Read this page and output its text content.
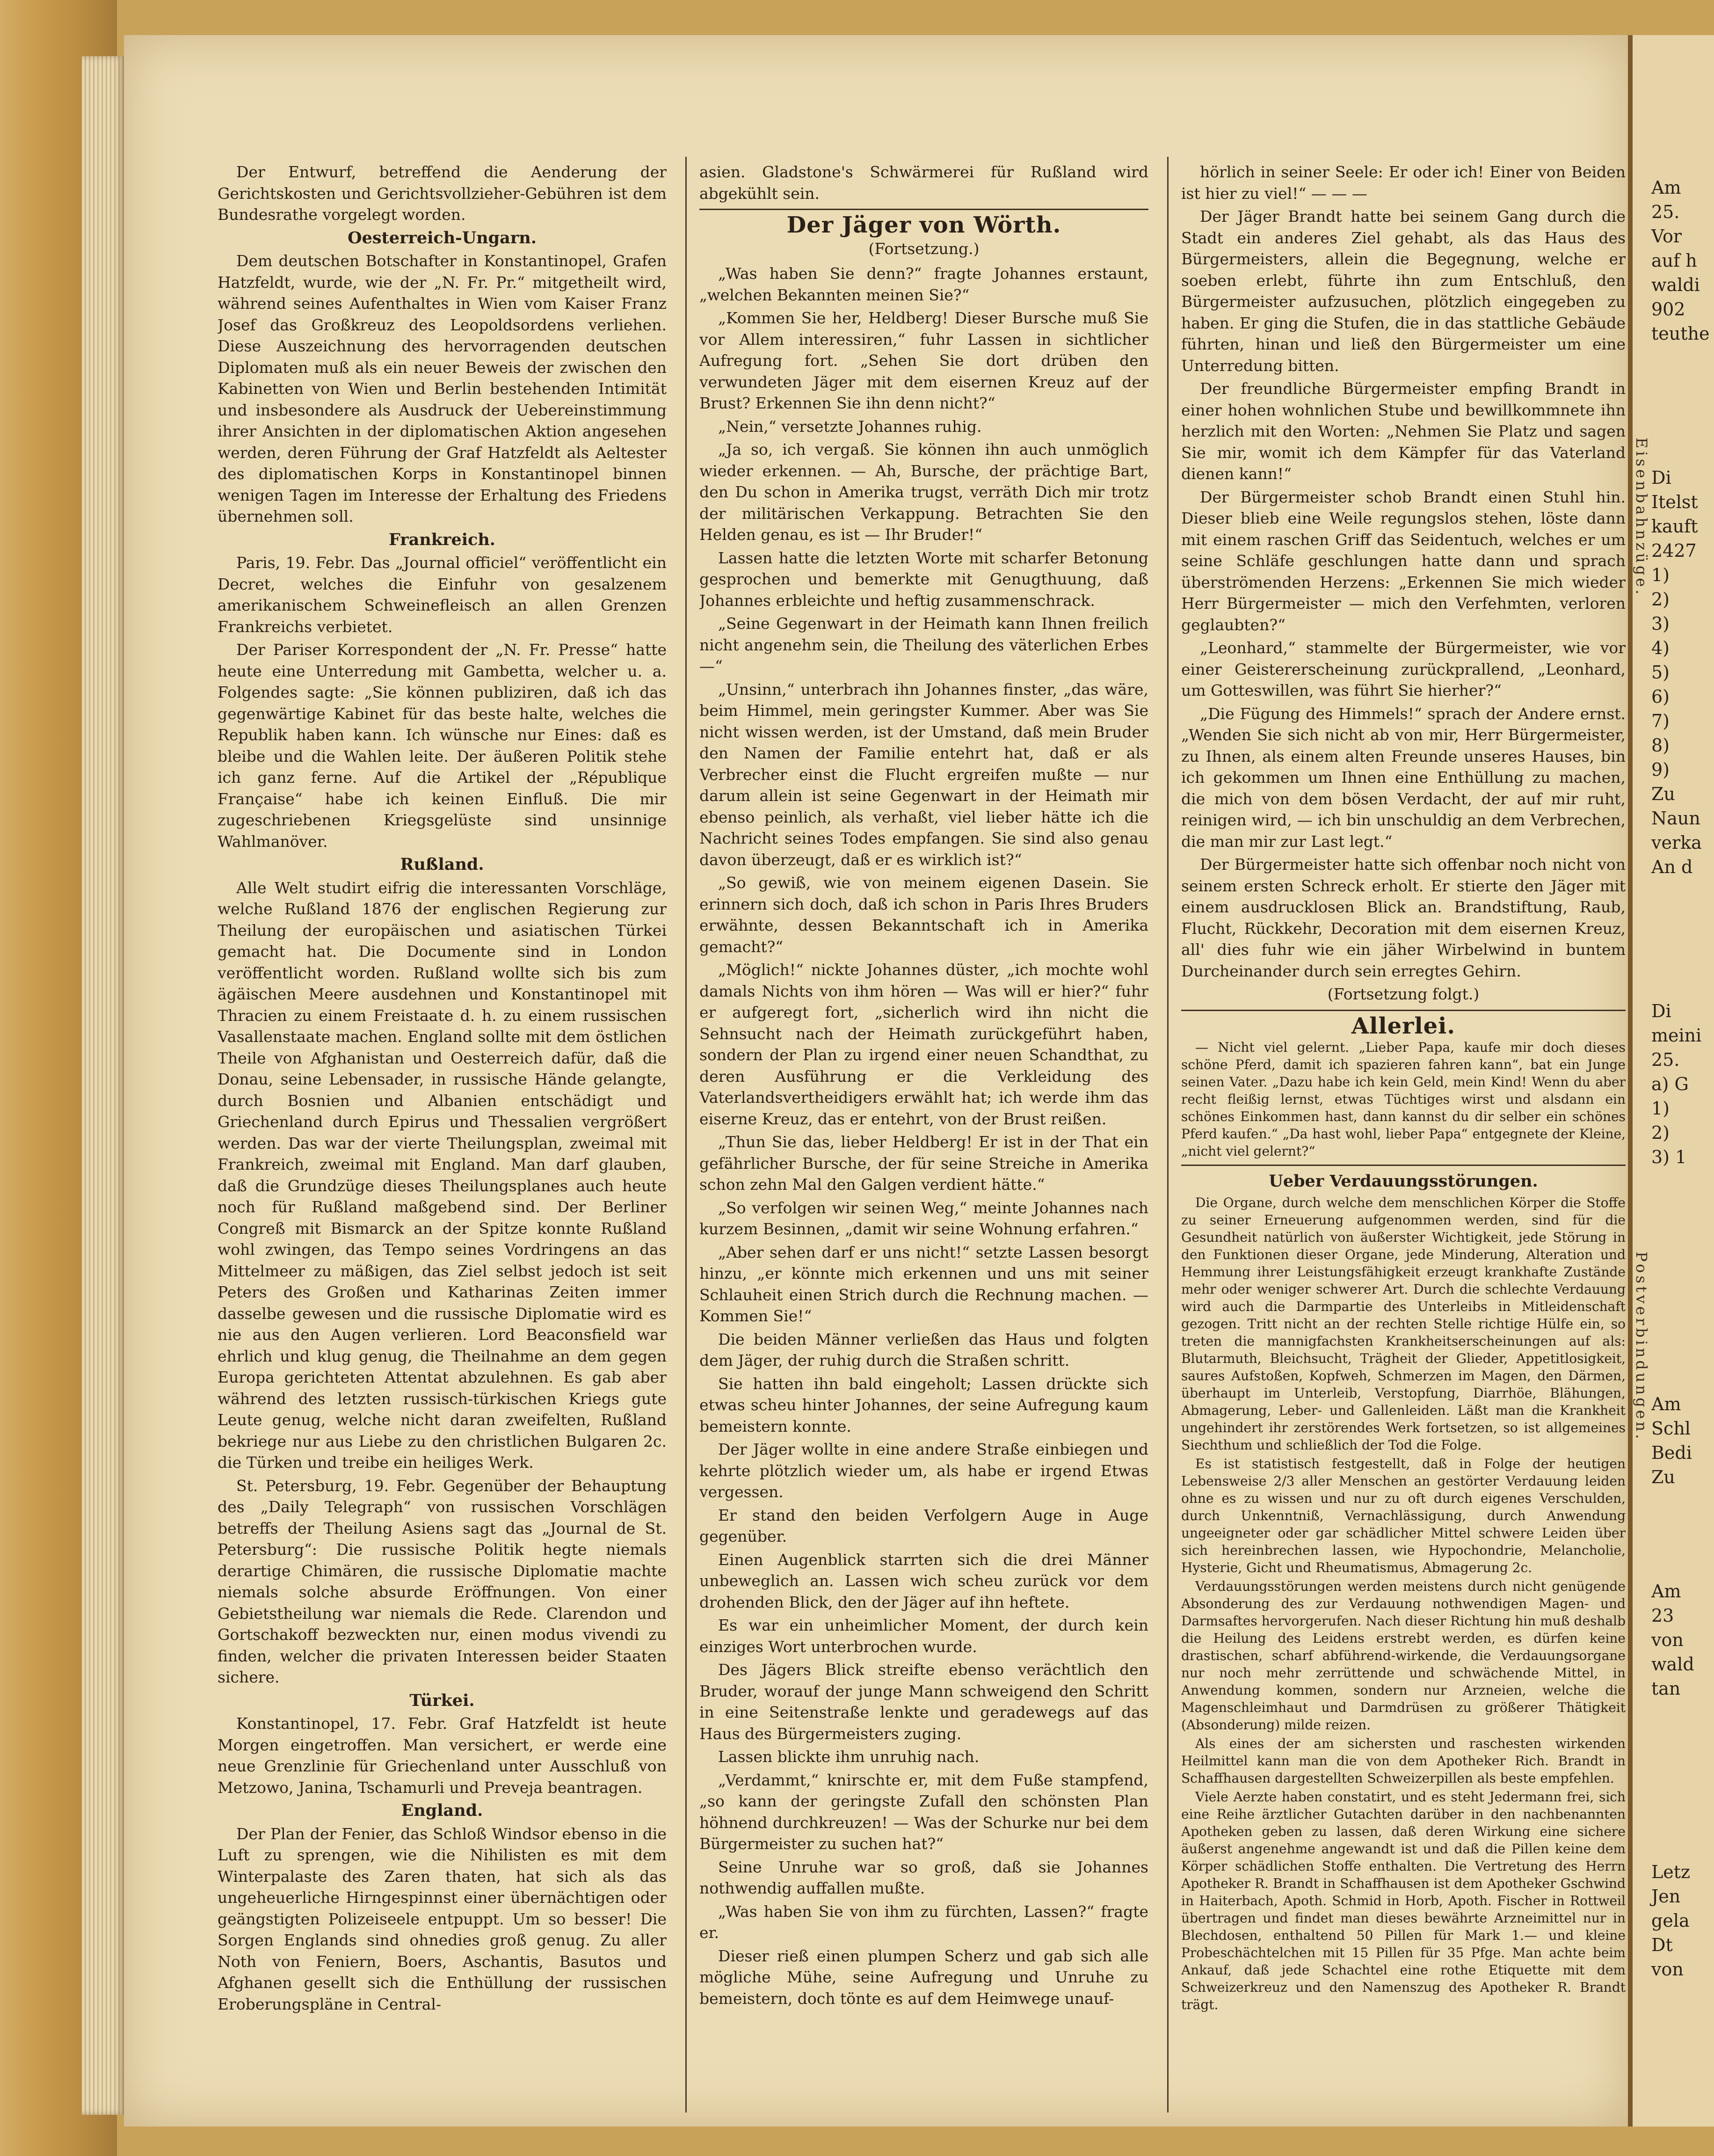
Der Entwurf, betreffend die Aenderung der Gerichtskosten und Gerichtsvollzieher-Gebühren ist dem Bundesrathe vorgelegt worden.

Oesterreich-Ungarn.

Dem deutschen Botschafter in Konstantinopel, Grafen Hatzfeldt, wurde, wie der „N. Fr. Pr.“ mitgetheilt wird, während seines Aufenthaltes in Wien vom Kaiser Franz Josef das Großkreuz des Leopoldsordens verliehen. Diese Auszeichnung des hervorragenden deutschen Diplomaten muß als ein neuer Beweis der zwischen den Kabinetten von Wien und Berlin bestehenden Intimität und insbesondere als Ausdruck der Uebereinstimmung ihrer Ansichten in der diplomatischen Aktion angesehen werden, deren Führung der Graf Hatzfeldt als Aeltester des diplomatischen Korps in Konstantinopel binnen wenigen Tagen im Interesse der Erhaltung des Friedens übernehmen soll.

Frankreich.

Paris, 19. Febr. Das „Journal officiel“ veröffentlicht ein Decret, welches die Einfuhr von gesalzenem amerikanischem Schweinefleisch an allen Grenzen Frankreichs verbietet.

Der Pariser Korrespondent der „N. Fr. Presse“ hatte heute eine Unterredung mit Gambetta, welcher u. a. Folgendes sagte: „Sie können publiziren, daß ich das gegenwärtige Kabinet für das beste halte, welches die Republik haben kann. Ich wünsche nur Eines: daß es bleibe und die Wahlen leite. Der äußeren Politik stehe ich ganz ferne. Auf die Artikel der „République Française“ habe ich keinen Einfluß. Die mir zugeschriebenen Kriegsgelüste sind unsinnige Wahlmanöver.

Rußland.

Alle Welt studirt eifrig die interessanten Vorschläge, welche Rußland 1876 der englischen Regierung zur Theilung der europäischen und asiatischen Türkei gemacht hat. Die Documente sind in London veröffentlicht worden. Rußland wollte sich bis zum ägäischen Meere ausdehnen und Konstantinopel mit Thracien zu einem Freistaate d. h. zu einem russischen Vasallenstaate machen. England sollte mit dem östlichen Theile von Afghanistan und Oesterreich dafür, daß die Donau, seine Lebensader, in russische Hände gelangte, durch Bosnien und Albanien entschädigt und Griechenland durch Epirus und Thessalien vergrößert werden. Das war der vierte Theilungsplan, zweimal mit Frankreich, zweimal mit England. Man darf glauben, daß die Grundzüge dieses Theilungsplanes auch heute noch für Rußland maßgebend sind. Der Berliner Congreß mit Bismarck an der Spitze konnte Rußland wohl zwingen, das Tempo seines Vordringens an das Mittelmeer zu mäßigen, das Ziel selbst jedoch ist seit Peters des Großen und Katharinas Zeiten immer dasselbe gewesen und die russische Diplomatie wird es nie aus den Augen verlieren. Lord Beaconsfield war ehrlich und klug genug, die Theilnahme an dem gegen Europa gerichteten Attentat abzulehnen. Es gab aber während des letzten russisch-türkischen Kriegs gute Leute genug, welche nicht daran zweifelten, Rußland bekriege nur aus Liebe zu den christlichen Bulgaren 2c. die Türken und treibe ein heiliges Werk.

St. Petersburg, 19. Febr. Gegenüber der Behauptung des „Daily Telegraph“ von russischen Vorschlägen betreffs der Theilung Asiens sagt das „Journal de St. Petersburg“: Die russische Politik hegte niemals derartige Chimären, die russische Diplomatie machte niemals solche absurde Eröffnungen. Von einer Gebietstheilung war niemals die Rede. Clarendon und Gortschakoff bezweckten nur, einen modus vivendi zu finden, welcher die privaten Interessen beider Staaten sichere.

Türkei.

Konstantinopel, 17. Febr. Graf Hatzfeldt ist heute Morgen eingetroffen. Man versichert, er werde eine neue Grenzlinie für Griechenland unter Ausschluß von Metzowo, Janina, Tschamurli und Preveja beantragen.

England.

Der Plan der Fenier, das Schloß Windsor ebenso in die Luft zu sprengen, wie die Nihilisten es mit dem Winterpalaste des Zaren thaten, hat sich als das ungeheuerliche Hirngespinnst einer übernächtigen oder geängstigten Polizeiseele entpuppt. Um so besser! Die Sorgen Englands sind ohnedies groß genug. Zu aller Noth von Feniern, Boers, Aschantis, Basutos und Afghanen gesellt sich die Enthüllung der russischen Eroberungspläne in Central-

asien. Gladstone's Schwärmerei für Rußland wird abgekühlt sein.

Der Jäger von Wörth.
(Fortsetzung.)

„Was haben Sie denn?“ fragte Johannes erstaunt, „welchen Bekannten meinen Sie?“

„Kommen Sie her, Heldberg! Dieser Bursche muß Sie vor Allem interessiren,“ fuhr Lassen in sichtlicher Aufregung fort. „Sehen Sie dort drüben den verwundeten Jäger mit dem eisernen Kreuz auf der Brust? Erkennen Sie ihn denn nicht?“

„Nein,“ versetzte Johannes ruhig.

„Ja so, ich vergaß. Sie können ihn auch unmöglich wieder erkennen. — Ah, Bursche, der prächtige Bart, den Du schon in Amerika trugst, verräth Dich mir trotz der militärischen Verkappung. Betrachten Sie den Helden genau, es ist — Ihr Bruder!“

Lassen hatte die letzten Worte mit scharfer Betonung gesprochen und bemerkte mit Genugthuung, daß Johannes erbleichte und heftig zusammenschrack.

„Seine Gegenwart in der Heimath kann Ihnen freilich nicht angenehm sein, die Theilung des väterlichen Erbes —“

„Unsinn,“ unterbrach ihn Johannes finster, „das wäre, beim Himmel, mein geringster Kummer. Aber was Sie nicht wissen werden, ist der Umstand, daß mein Bruder den Namen der Familie entehrt hat, daß er als Verbrecher einst die Flucht ergreifen mußte — nur darum allein ist seine Gegenwart in der Heimath mir ebenso peinlich, als verhaßt, viel lieber hätte ich die Nachricht seines Todes empfangen. Sie sind also genau davon überzeugt, daß er es wirklich ist?“

„So gewiß, wie von meinem eigenen Dasein. Sie erinnern sich doch, daß ich schon in Paris Ihres Bruders erwähnte, dessen Bekanntschaft ich in Amerika gemacht?“

„Möglich!“ nickte Johannes düster, „ich mochte wohl damals Nichts von ihm hören — Was will er hier?“ fuhr er aufgeregt fort, „sicherlich wird ihn nicht die Sehnsucht nach der Heimath zurückgeführt haben, sondern der Plan zu irgend einer neuen Schandthat, zu deren Ausführung er die Verkleidung des Vaterlandsvertheidigers erwählt hat; ich werde ihm das eiserne Kreuz, das er entehrt, von der Brust reißen.

„Thun Sie das, lieber Heldberg! Er ist in der That ein gefährlicher Bursche, der für seine Streiche in Amerika schon zehn Mal den Galgen verdient hätte.“

„So verfolgen wir seinen Weg,“ meinte Johannes nach kurzem Besinnen, „damit wir seine Wohnung erfahren.“

„Aber sehen darf er uns nicht!“ setzte Lassen besorgt hinzu, „er könnte mich erkennen und uns mit seiner Schlauheit einen Strich durch die Rechnung machen. — Kommen Sie!“

Die beiden Männer verließen das Haus und folgten dem Jäger, der ruhig durch die Straßen schritt.

Sie hatten ihn bald eingeholt; Lassen drückte sich etwas scheu hinter Johannes, der seine Aufregung kaum bemeistern konnte.

Der Jäger wollte in eine andere Straße einbiegen und kehrte plötzlich wieder um, als habe er irgend Etwas vergessen.

Er stand den beiden Verfolgern Auge in Auge gegenüber.

Einen Augenblick starrten sich die drei Männer unbeweglich an. Lassen wich scheu zurück vor dem drohenden Blick, den der Jäger auf ihn heftete.

Es war ein unheimlicher Moment, der durch kein einziges Wort unterbrochen wurde.

Des Jägers Blick streifte ebenso verächtlich den Bruder, worauf der junge Mann schweigend den Schritt in eine Seitenstraße lenkte und geradewegs auf das Haus des Bürgermeisters zuging.

Lassen blickte ihm unruhig nach.

„Verdammt,“ knirschte er, mit dem Fuße stampfend, „so kann der geringste Zufall den schönsten Plan höhnend durchkreuzen! — Was der Schurke nur bei dem Bürgermeister zu suchen hat?“

Seine Unruhe war so groß, daß sie Johannes nothwendig auffallen mußte.

„Was haben Sie von ihm zu fürchten, Lassen?“ fragte er.

Dieser rieß einen plumpen Scherz und gab sich alle mögliche Mühe, seine Aufregung und Unruhe zu bemeistern, doch tönte es auf dem Heimwege unauf-

hörlich in seiner Seele: Er oder ich! Einer von Beiden ist hier zu viel!“ — — —

Der Jäger Brandt hatte bei seinem Gang durch die Stadt ein anderes Ziel gehabt, als das Haus des Bürgermeisters, allein die Begegnung, welche er soeben erlebt, führte ihn zum Entschluß, den Bürgermeister aufzusuchen, plötzlich eingegeben zu haben. Er ging die Stufen, die in das stattliche Gebäude führten, hinan und ließ den Bürgermeister um eine Unterredung bitten.

Der freundliche Bürgermeister empfing Brandt in einer hohen wohnlichen Stube und bewillkommnete ihn herzlich mit den Worten: „Nehmen Sie Platz und sagen Sie mir, womit ich dem Kämpfer für das Vaterland dienen kann!“

Der Bürgermeister schob Brandt einen Stuhl hin. Dieser blieb eine Weile regungslos stehen, löste dann mit einem raschen Griff das Seidentuch, welches er um seine Schläfe geschlungen hatte dann und sprach überströmenden Herzens: „Erkennen Sie mich wieder Herr Bürgermeister — mich den Verfehmten, verloren geglaubten?“

„Leonhard,“ stammelte der Bürgermeister, wie vor einer Geistererscheinung zurückprallend, „Leonhard, um Gotteswillen, was führt Sie hierher?“

„Die Fügung des Himmels!“ sprach der Andere ernst. „Wenden Sie sich nicht ab von mir, Herr Bürgermeister, zu Ihnen, als einem alten Freunde unseres Hauses, bin ich gekommen um Ihnen eine Enthüllung zu machen, die mich von dem bösen Verdacht, der auf mir ruht, reinigen wird, — ich bin unschuldig an dem Verbrechen, die man mir zur Last legt.“

Der Bürgermeister hatte sich offenbar noch nicht von seinem ersten Schreck erholt. Er stierte den Jäger mit einem ausdrucklosen Blick an. Brandstiftung, Raub, Flucht, Rückkehr, Decoration mit dem eisernen Kreuz, all' dies fuhr wie ein jäher Wirbelwind in buntem Durcheinander durch sein erregtes Gehirn.

(Fortsetzung folgt.)
Allerlei.

— Nicht viel gelernt. „Lieber Papa, kaufe mir doch dieses schöne Pferd, damit ich spazieren fahren kann“, bat ein Junge seinen Vater. „Dazu habe ich kein Geld, mein Kind! Wenn du aber recht fleißig lernst, etwas Tüchtiges wirst und alsdann ein schönes Einkommen hast, dann kannst du dir selber ein schönes Pferd kaufen.“ „Da hast wohl, lieber Papa“ entgegnete der Kleine, „nicht viel gelernt?“

Ueber Verdauungsstörungen.

Die Organe, durch welche dem menschlichen Körper die Stoffe zu seiner Erneuerung aufgenommen werden, sind für die Gesundheit natürlich von äußerster Wichtigkeit, jede Störung in den Funktionen dieser Organe, jede Minderung, Alteration und Hemmung ihrer Leistungsfähigkeit erzeugt krankhafte Zustände mehr oder weniger schwerer Art. Durch die schlechte Verdauung wird auch die Darmpartie des Unterleibs in Mitleidenschaft gezogen. Tritt nicht an der rechten Stelle richtige Hülfe ein, so treten die mannigfachsten Krankheitserscheinungen auf als: Blutarmuth, Bleichsucht, Trägheit der Glieder, Appetitlosigkeit, saures Aufstoßen, Kopfweh, Schmerzen im Magen, den Därmen, überhaupt im Unterleib, Verstopfung, Diarrhöe, Blähungen, Abmagerung, Leber- und Gallenleiden. Läßt man die Krankheit ungehindert ihr zerstörendes Werk fortsetzen, so ist allgemeines Siechthum und schließlich der Tod die Folge.

Es ist statistisch festgestellt, daß in Folge der heutigen Lebensweise 2/3 aller Menschen an gestörter Verdauung leiden ohne es zu wissen und nur zu oft durch eigenes Verschulden, durch Unkenntniß, Vernachlässigung, durch Anwendung ungeeigneter oder gar schädlicher Mittel schwere Leiden über sich hereinbrechen lassen, wie Hypochondrie, Melancholie, Hysterie, Gicht und Rheumatismus, Abmagerung 2c.

Verdauungsstörungen werden meistens durch nicht genügende Absonderung des zur Verdauung nothwendigen Magen- und Darmsaftes hervorgerufen. Nach dieser Richtung hin muß deshalb die Heilung des Leidens erstrebt werden, es dürfen keine drastischen, scharf abführend-wirkende, die Verdauungsorgane nur noch mehr zerrüttende und schwächende Mittel, in Anwendung kommen, sondern nur Arzneien, welche die Magenschleimhaut und Darmdrüsen zu größerer Thätigkeit (Absonderung) milde reizen.

Als eines der am sichersten und raschesten wirkenden Heilmittel kann man die von dem Apotheker Rich. Brandt in Schaffhausen dargestellten Schweizerpillen als beste empfehlen.

Viele Aerzte haben constatirt, und es steht Jedermann frei, sich eine Reihe ärztlicher Gutachten darüber in den nachbenannten Apotheken geben zu lassen, daß deren Wirkung eine sichere äußerst angenehme angewandt ist und daß die Pillen keine dem Körper schädlichen Stoffe enthalten. Die Vertretung des Herrn Apotheker R. Brandt in Schaffhausen ist dem Apotheker Gschwind in Haiterbach, Apoth. Schmid in Horb, Apoth. Fischer in Rottweil übertragen und findet man dieses bewährte Arzneimittel nur in Blechdosen, enthaltend 50 Pillen für Mark 1.— und kleine Probeschächtelchen mit 15 Pillen für 35 Pfge. Man achte beim Ankauf, daß jede Schachtel eine rothe Etiquette mit dem Schweizerkreuz und den Namenszug des Apotheker R. Brandt trägt.

Am
25.
Vor
auf h
waldi
902
teuthe
Di
Itelst
kauft
2427
1)
2)
3)
4)
5)
6)
7)
8)
9)
Zu
Naun
verka
An d
Di
meini
25.
a) G
1)
2)
3) 1
Am
Schl
Bedi
Zu
Am
23
von
wald
tan
Letz
Jen
gela
Dt
von
Eisenbahnzüge.
Postverbindungen.
